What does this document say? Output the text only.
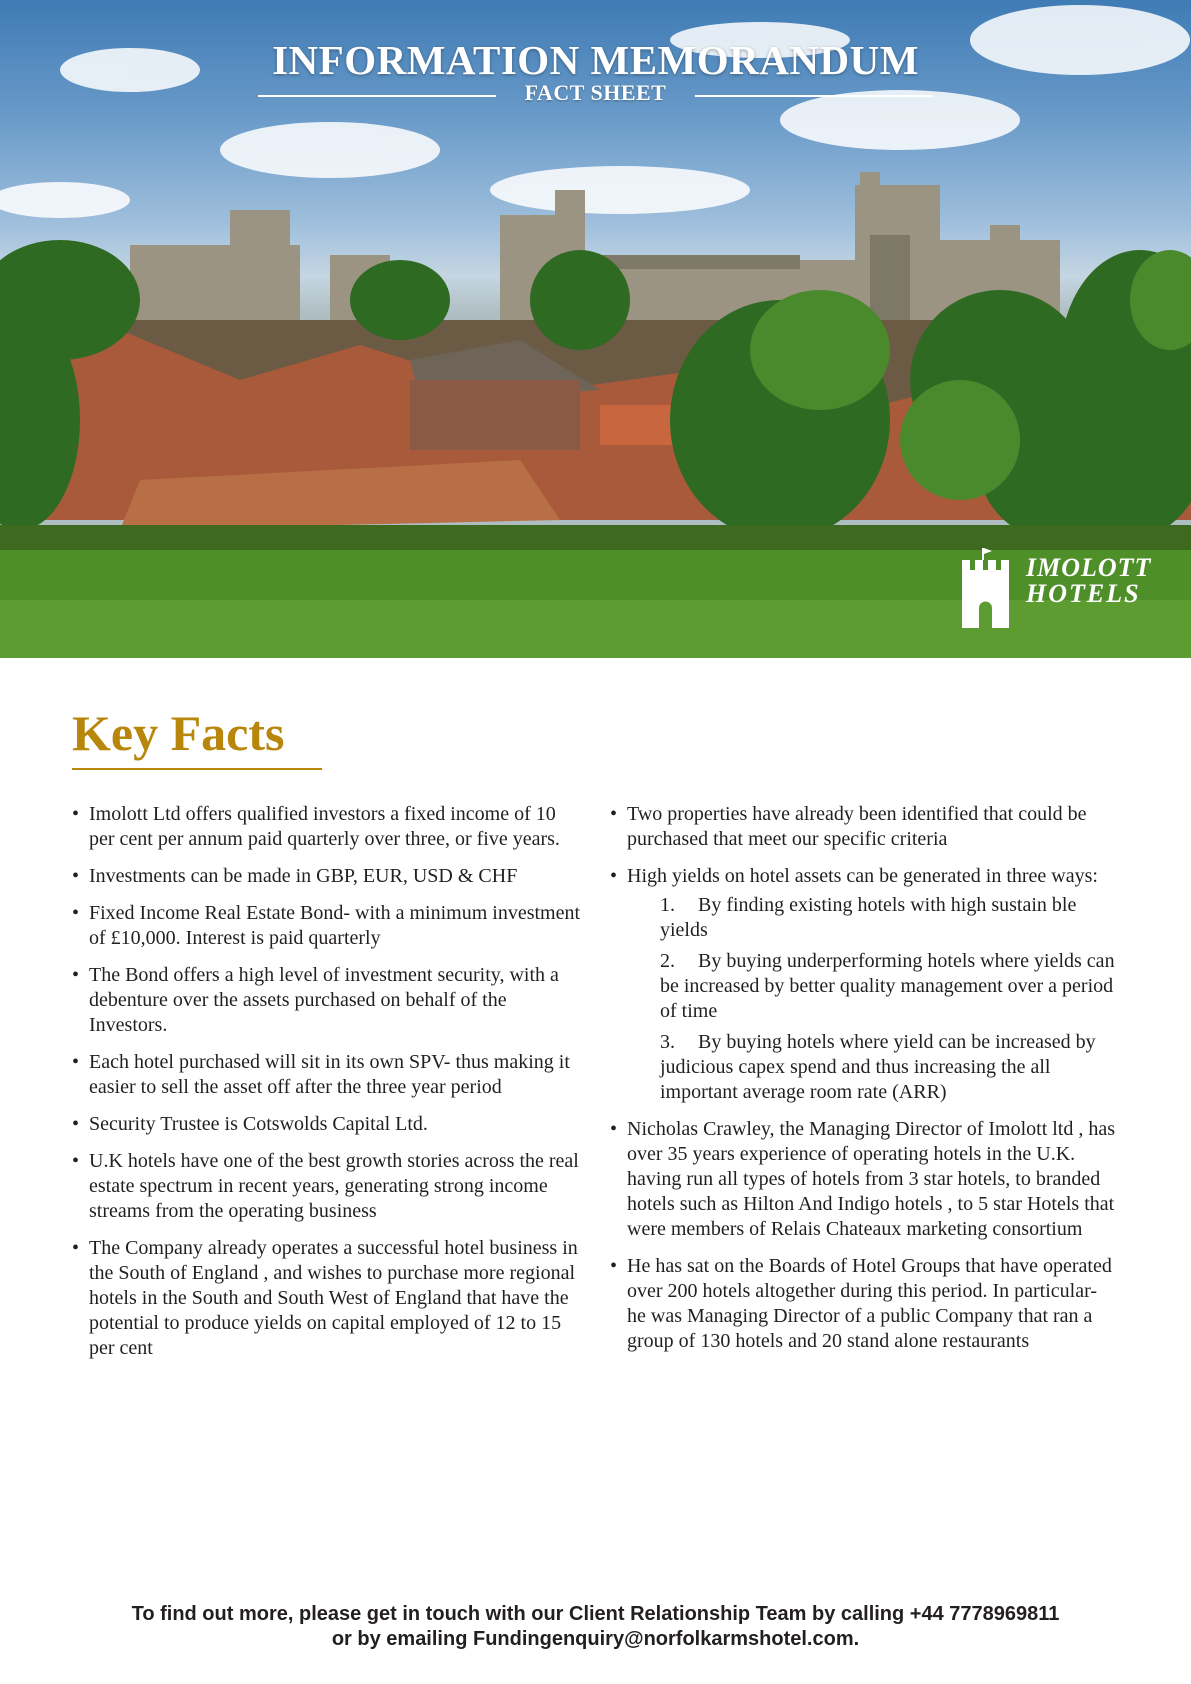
INFORMATION MEMORANDUM
FACT SHEET
IMOLOTT
HOTELS
Key Facts
• Imolott Ltd offers qualified investors a fixed income of 10 per cent per annum paid quarterly over three, or five years.
• Investments can be made in GBP, EUR, USD & CHF
• Fixed Income Real Estate Bond- with a minimum investment of £10,000. Interest is paid quarterly
• The Bond offers a high level of investment security, with a debenture over the assets purchased on behalf of the Investors.
• Each hotel purchased will sit in its own SPV- thus making it easier to sell the asset off after the three year period
• Security Trustee is Cotswolds Capital Ltd.
• U.K hotels have one of the best growth stories across the real estate spectrum in recent years, generating strong income streams from the operating business
• The Company already operates a successful hotel business in the South of England , and wishes to purchase more regional hotels in the South and South West of England that have the potential to produce yields on capital employed of 12 to 15 per cent
• Two properties have already been identified that could be purchased that meet our specific criteria
• High yields on hotel assets can be generated in three ways:
1.	By finding existing hotels with high sustain ble yields
2.	By buying underperforming hotels where yields can be increased by better quality management over a period of time
3.	By buying hotels where yield can be increased by judicious capex spend and thus increasing the all important average room rate (ARR)
• Nicholas Crawley, the Managing Director of Imolott ltd , has over 35 years experience of operating hotels in the U.K. having run all types of hotels from 3 star hotels, to branded hotels such as Hilton And Indigo hotels , to 5 star Hotels that were members of Relais Chateaux marketing consortium
• He has sat on the Boards of Hotel Groups that have operated over 200 hotels altogether during this period. In particular- he was Managing Director of a public Company that ran a group of 130 hotels and 20 stand alone restaurants
To find out more, please get in touch with our Client Relationship Team by calling +44 7778969811
or by emailing Fundingenquiry@norfolkarmshotel.com.
